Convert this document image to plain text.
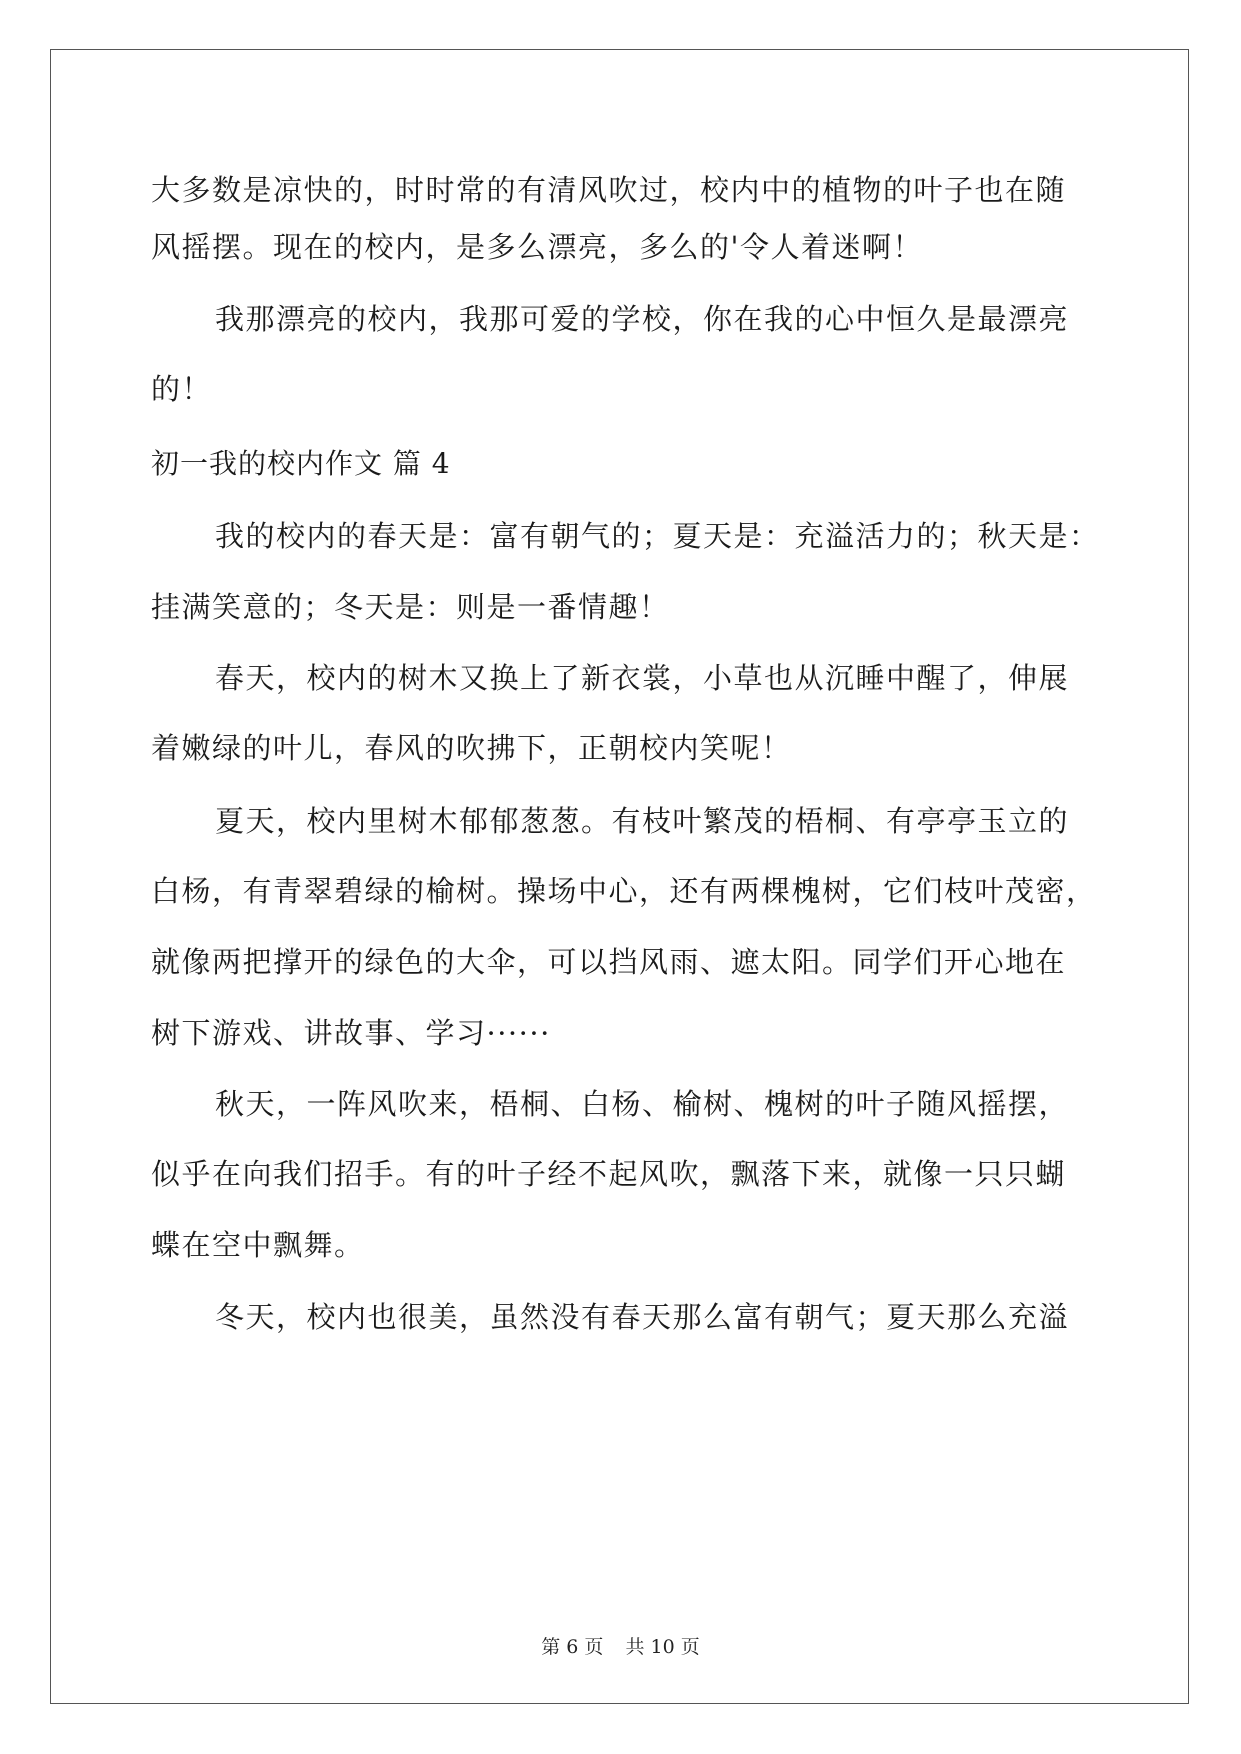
大多数是凉快的，时时常的有清风吹过，校内中的植物的叶子也在随
风摇摆。现在的校内，是多么漂亮，多么的'令人着迷啊！
我那漂亮的校内，我那可爱的学校，你在我的心中恒久是最漂亮
的！
初一我的校内作文 篇 4
我的校内的春天是：富有朝气的；夏天是：充溢活力的；秋天是：
挂满笑意的；冬天是：则是一番情趣！
春天，校内的树木又换上了新衣裳，小草也从沉睡中醒了，伸展
着嫩绿的叶儿，春风的吹拂下，正朝校内笑呢！
夏天，校内里树木郁郁葱葱。有枝叶繁茂的梧桐、有亭亭玉立的
白杨，有青翠碧绿的榆树。操场中心，还有两棵槐树，它们枝叶茂密，
就像两把撑开的绿色的大伞，可以挡风雨、遮太阳。同学们开心地在
树下游戏、讲故事、学习······
秋天，一阵风吹来，梧桐、白杨、榆树、槐树的叶子随风摇摆，
似乎在向我们招手。有的叶子经不起风吹，飘落下来，就像一只只蝴
蝶在空中飘舞。
冬天，校内也很美，虽然没有春天那么富有朝气；夏天那么充溢
第 6 页 共 10 页
